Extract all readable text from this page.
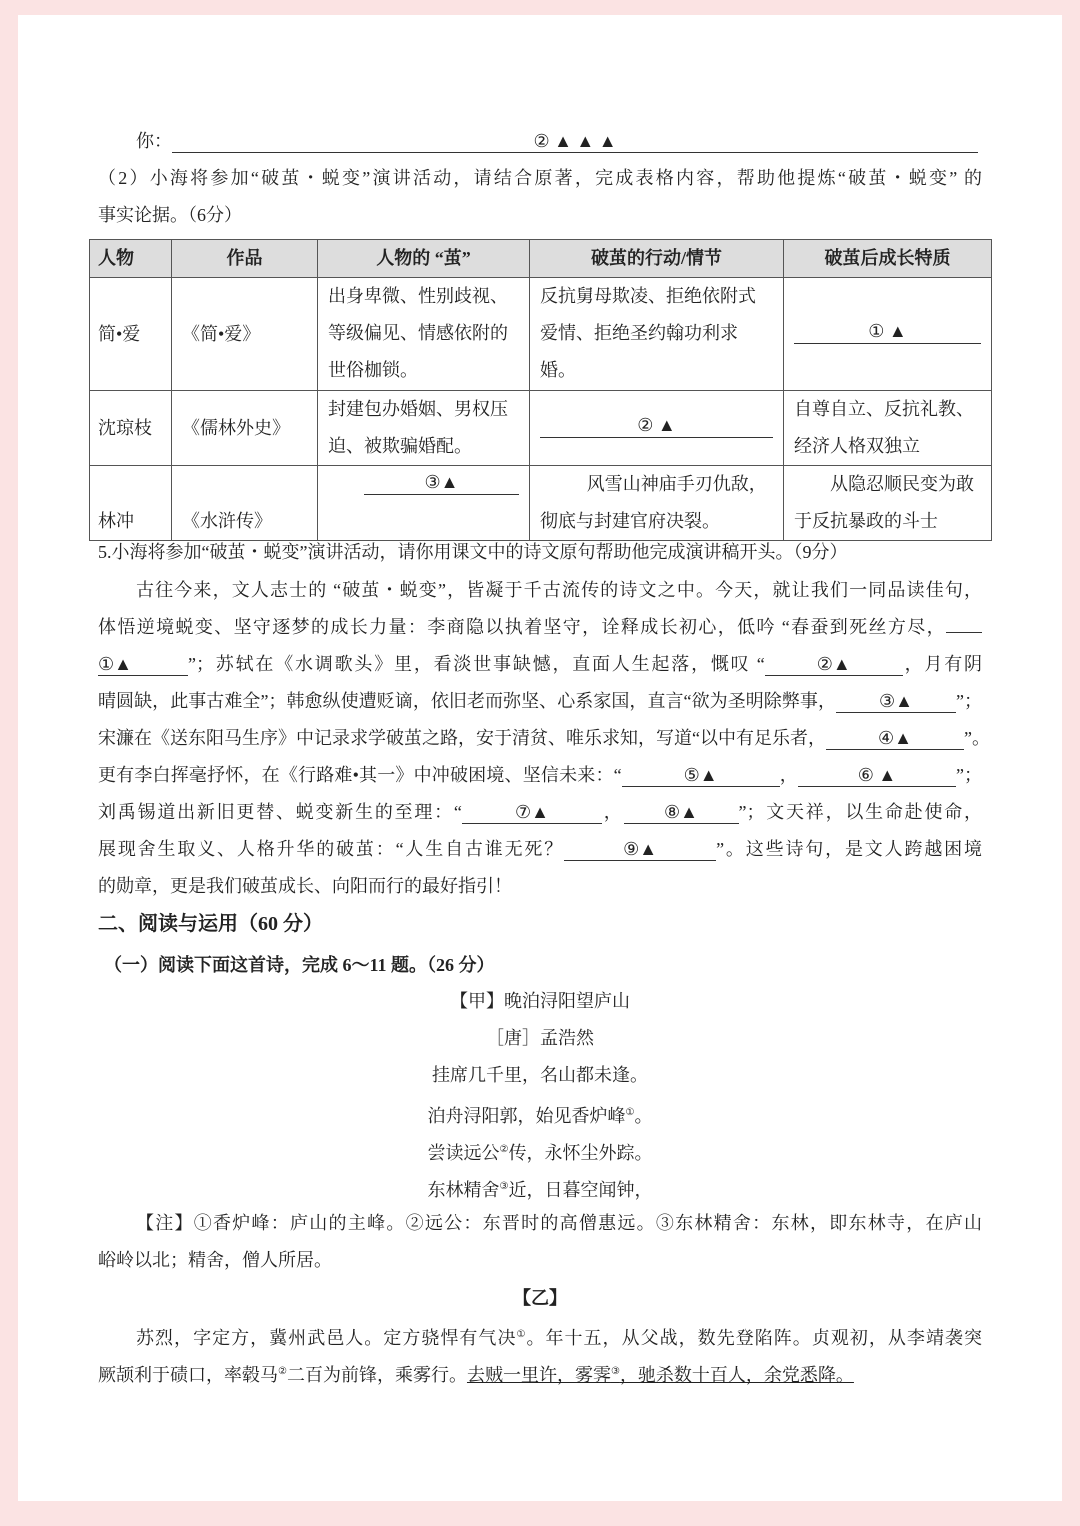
你：	② ▲ ▲ ▲
（2）小海将参加“破茧・蜕变”演讲活动，请结合原著，完成表格内容，帮助他提炼“破茧・蜕变” 的
事实论据。（6分）
人物	作品	人物的 “茧”	破茧的行动/情节	破茧后成长特质
简•爱	《简•爱》	出身卑微、性别歧视、等级偏见、情感依附的世俗枷锁。	反抗舅母欺凌、拒绝依附式爱情、拒绝圣约翰功利求婚。	① ▲

沈琼枝	《儒林外史》	封建包办婚姻、男权压迫、被欺骗婚配。	② ▲	自尊自立、反抗礼教、经济人格双独立
林冲	《水浒传》	③▲	风雪山神庙手刃仇敌，彻底与封建官府决裂。	从隐忍顺民变为敢于反抗暴政的斗士
5.小海将参加“破茧・蜕变”演讲活动，请你用课文中的诗文原句帮助他完成演讲稿开头。（9分）
古往今来，文人志士的 “破茧・蜕变”，皆凝于千古流传的诗文之中。今天，就让我们一同品读佳句，
体悟逆境蜕变、坚守逐梦的成长力量：李商隐以执着坚守，诠释成长初心，低吟 “春蚕到死丝方尽，
①▲	”；苏轼在《水调歌头》里，看淡世事缺憾，直面人生起落，慨叹 “	②▲	，月有阴
晴圆缺，此事古难全”；韩愈纵使遭贬谪，依旧老而弥坚、心系家国，直言“欲为圣明除弊事， ③▲ ”；
宋濂在《送东阳马生序》中记录求学破茧之路，安于清贫、唯乐求知，写道“以中有足乐者，	④▲	”。
更有李白挥毫抒怀，在《行路难•其一》中冲破困境、坚信未来：“	⑤▲	，	⑥ ▲	”；
刘禹锡道出新旧更替、蜕变新生的至理：“	⑦▲	， ⑧▲ ”；文天祥，以生命赴使命，
展现舍生取义、人格升华的破茧：“人生自古谁无死？	⑨▲	”。这些诗句，是文人跨越困境
的勋章，更是我们破茧成长、向阳而行的最好指引！
二、阅读与运用（60 分）
（一）阅读下面这首诗，完成 6～11 题。（26 分）
【甲】晚泊浔阳望庐山
［唐］孟浩然
挂席几千里，名山都未逢。
泊舟浔阳郭，始见香炉峰①。
尝读远公②传，永怀尘外踪。
东林精舍③近，日暮空闻钟，
【注】①香炉峰：庐山的主峰。②远公：东晋时的高僧惠远。③东林精舍：东林，即东林寺，在庐山
峪岭以北；精舍，僧人所居。
【乙】
苏烈，字定方，冀州武邑人。定方骁悍有气决①。年十五，从父战，数先登陷阵。贞观初，从李靖袭突
厥颉利于碛口，率毂马②二百为前锋，乘雾行。去贼一里许，雾霁③，驰杀数十百人，余党悉降。
